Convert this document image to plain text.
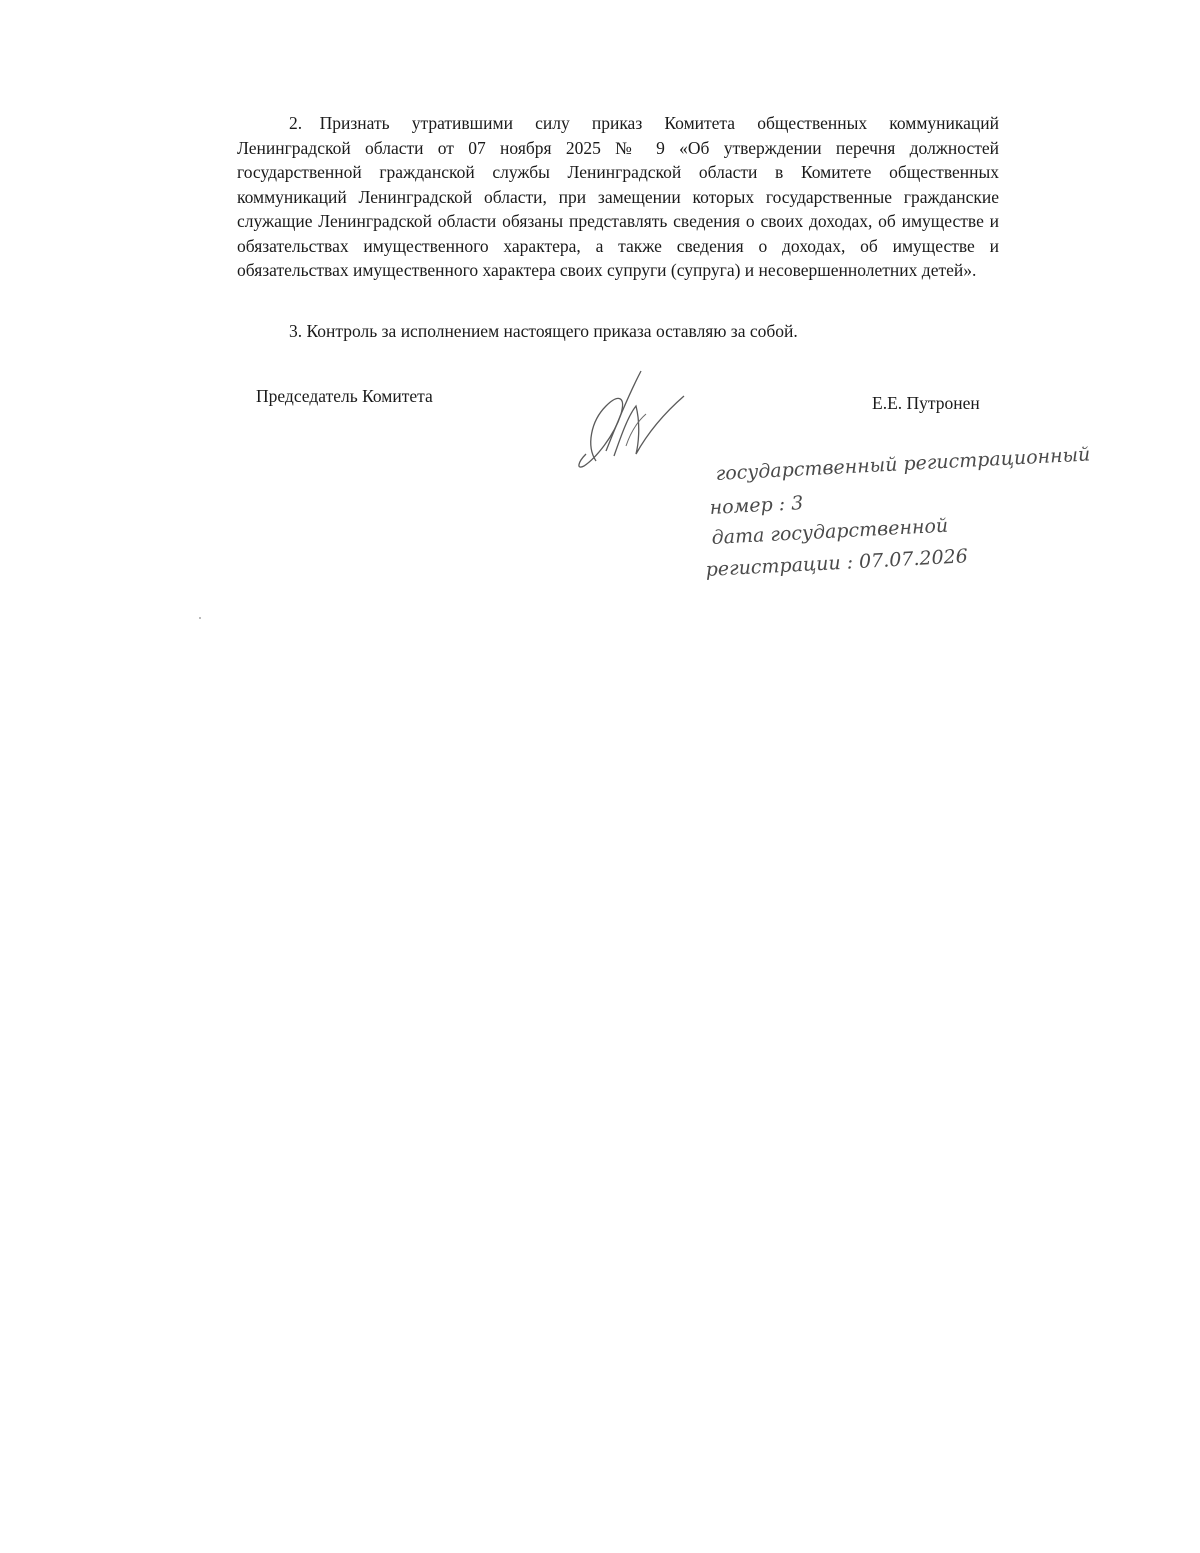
2. Признать утратившими силу приказ Комитета общественных коммуникаций Ленинградской области от 07 ноября 2025 № 9 «Об утверждении перечня должностей государственной гражданской службы Ленинградской области в Комитете общественных коммуникаций Ленинградской области, при замещении которых государственные гражданские служащие Ленинградской области обязаны представлять сведения о своих доходах, об имуществе и обязательствах имущественного характера, а также сведения о доходах, об имуществе и обязательствах имущественного характера своих супруги (супруга) и несовершеннолетних детей».

3. Контроль за исполнением настоящего приказа оставляю за собой.

Председатель Комитета	Е.Е. Путронен

государственный регистрационный
номер : 3
дата государственной
регистрации : 07.07.2026
